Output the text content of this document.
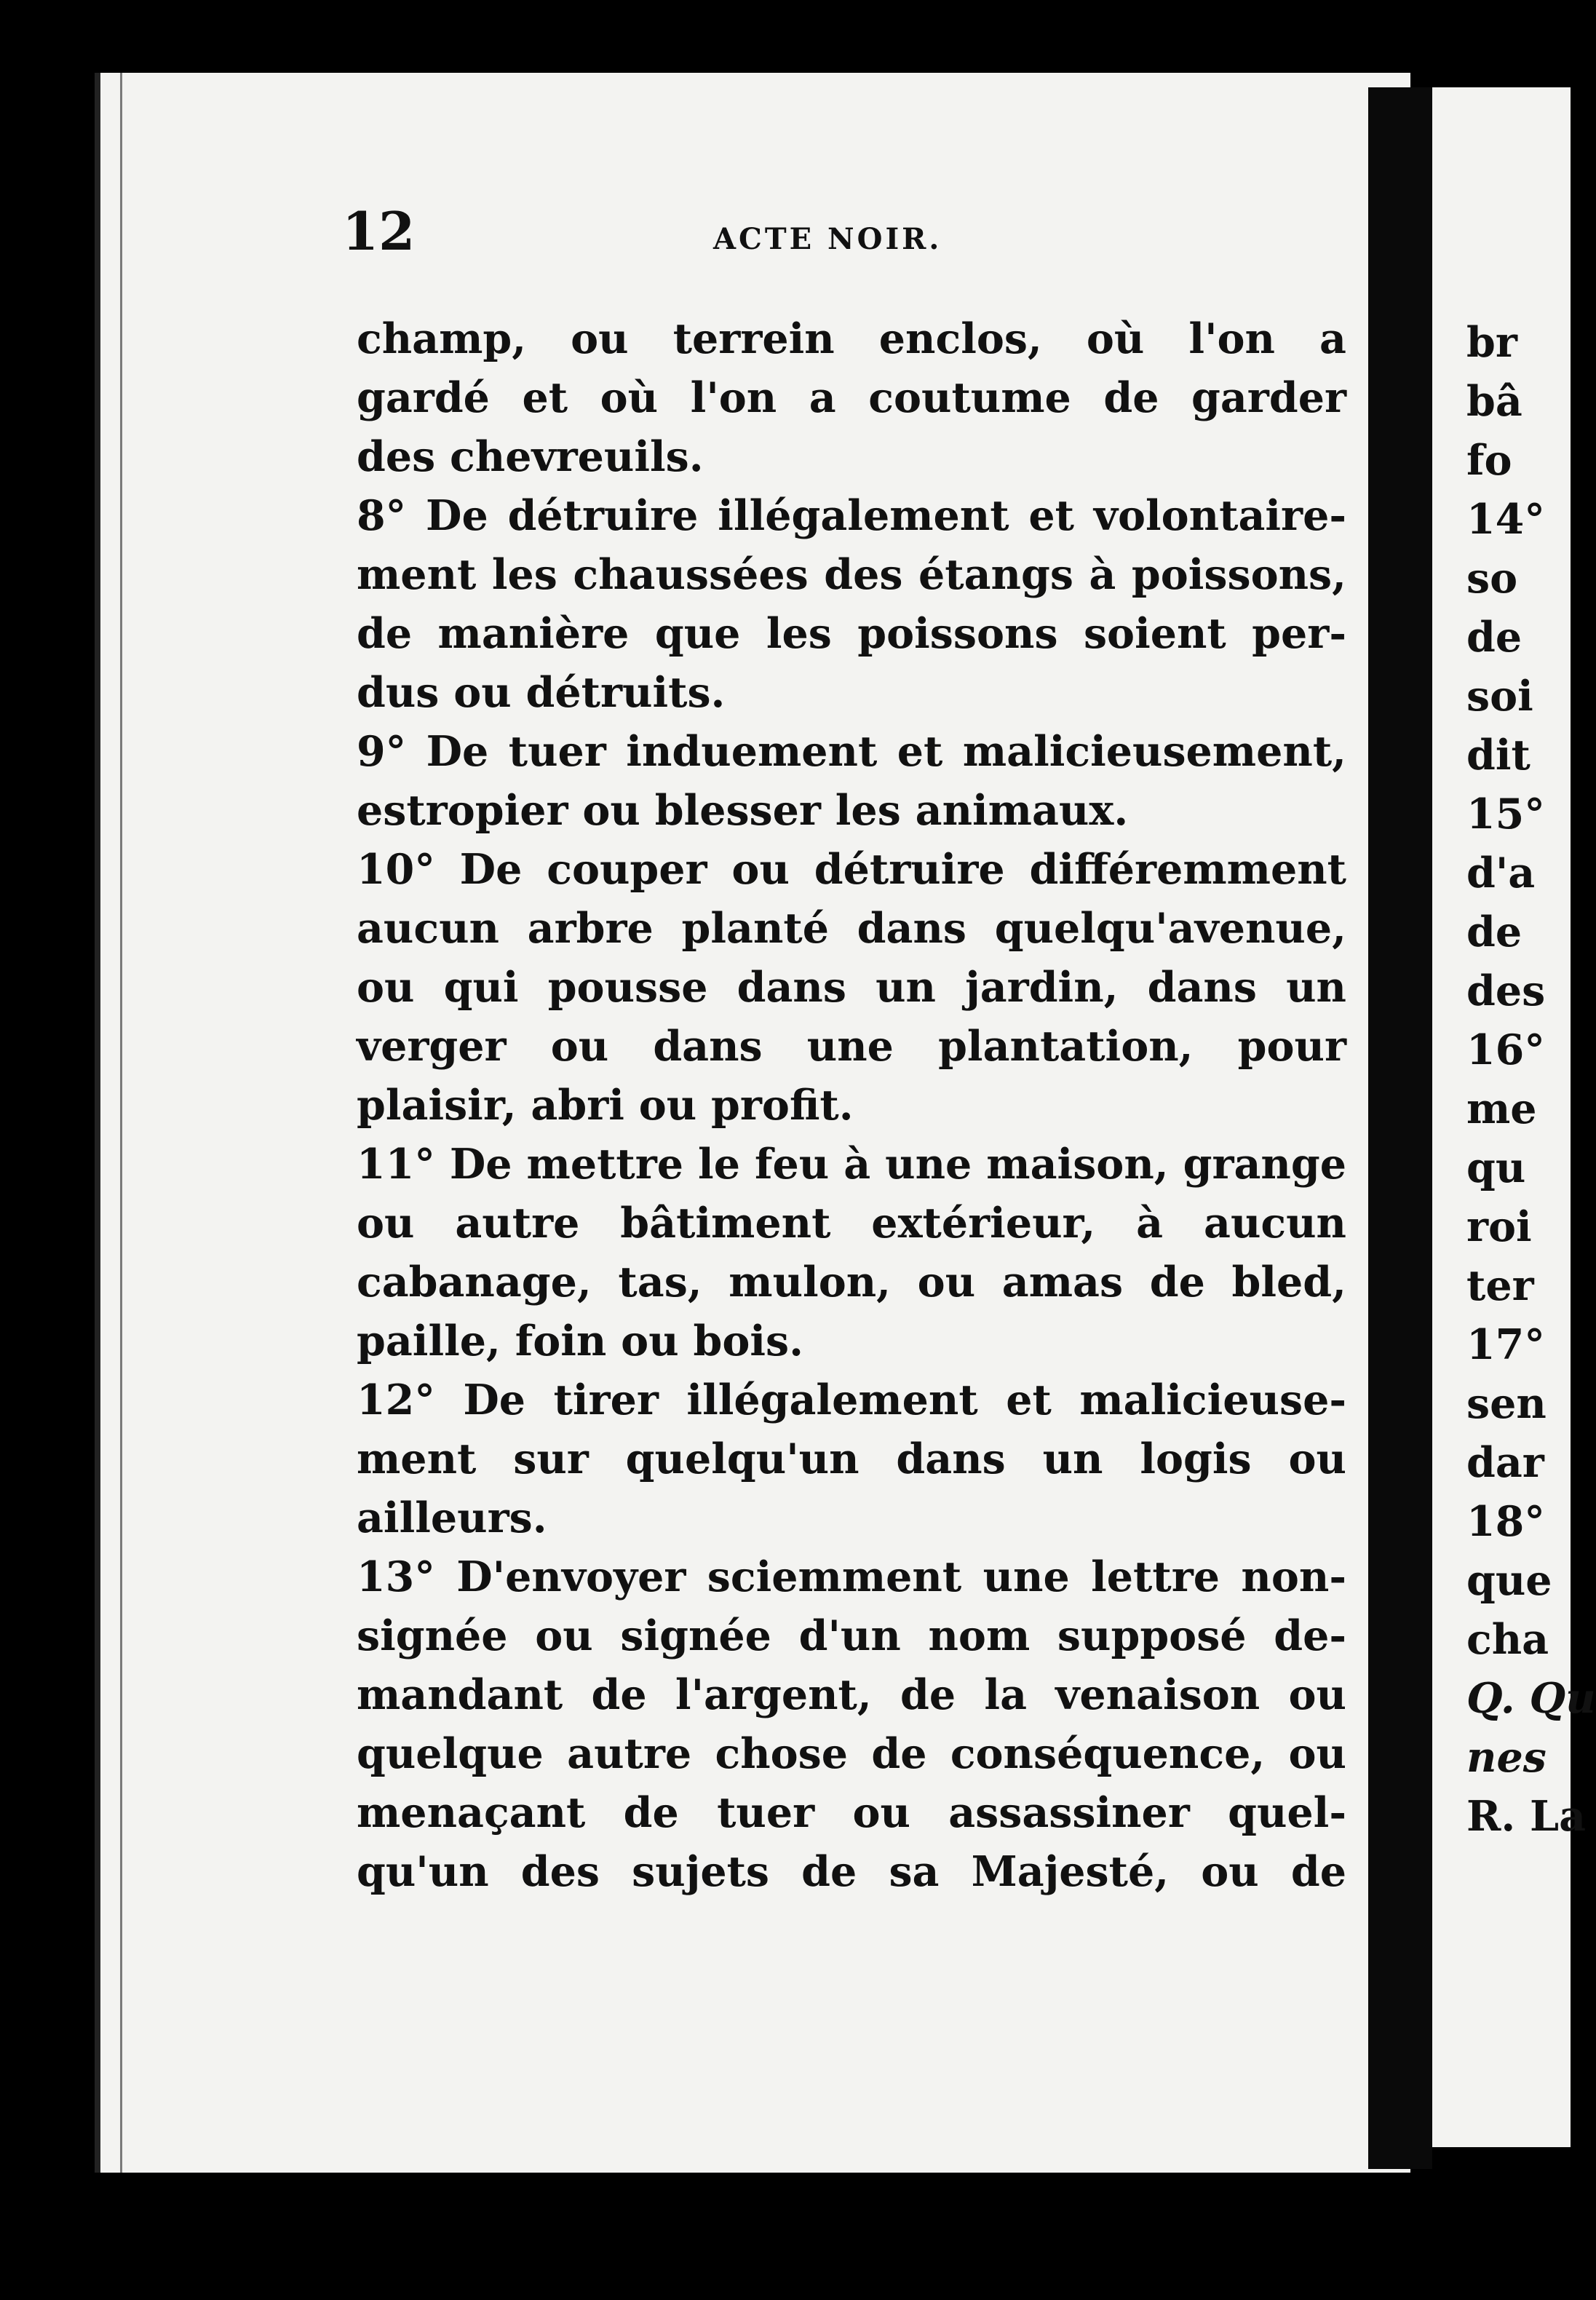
12	ACTE NOIR.
champ, ou terrein enclos, où l'on a
gardé et où l'on a coutume de garder
des chevreuils.
8° De détruire illégalement et volontaire-
ment les chaussées des étangs à poissons,
de manière que les poissons soient per-
dus ou détruits.
9° De tuer induement et malicieusement,
estropier ou blesser les animaux.
10° De couper ou détruire différemment
aucun arbre planté dans quelqu'avenue,
ou qui pousse dans un jardin, dans un
verger ou dans une plantation, pour
plaisir, abri ou profit.
11° De mettre le feu à une maison, grange
ou autre bâtiment extérieur, à aucun
cabanage, tas, mulon, ou amas de bled,
paille, foin ou bois.
12° De tirer illégalement et malicieuse-
ment sur quelqu'un dans un logis ou
ailleurs.
13° D'envoyer sciemment une lettre non-
signée ou signée d'un nom supposé de-
mandant de l'argent, de la venaison ou
quelque autre chose de conséquence, ou
menaçant de tuer ou assassiner quel-
qu'un des sujets de sa Majesté, ou de
br
bâ
fo
14°
so
de
soi
dit
15°
d'a
de
des
16°
me
qu
roi
ter
17°
sen
dar
18°
que
cha
Q. Qu
nes
R. La
